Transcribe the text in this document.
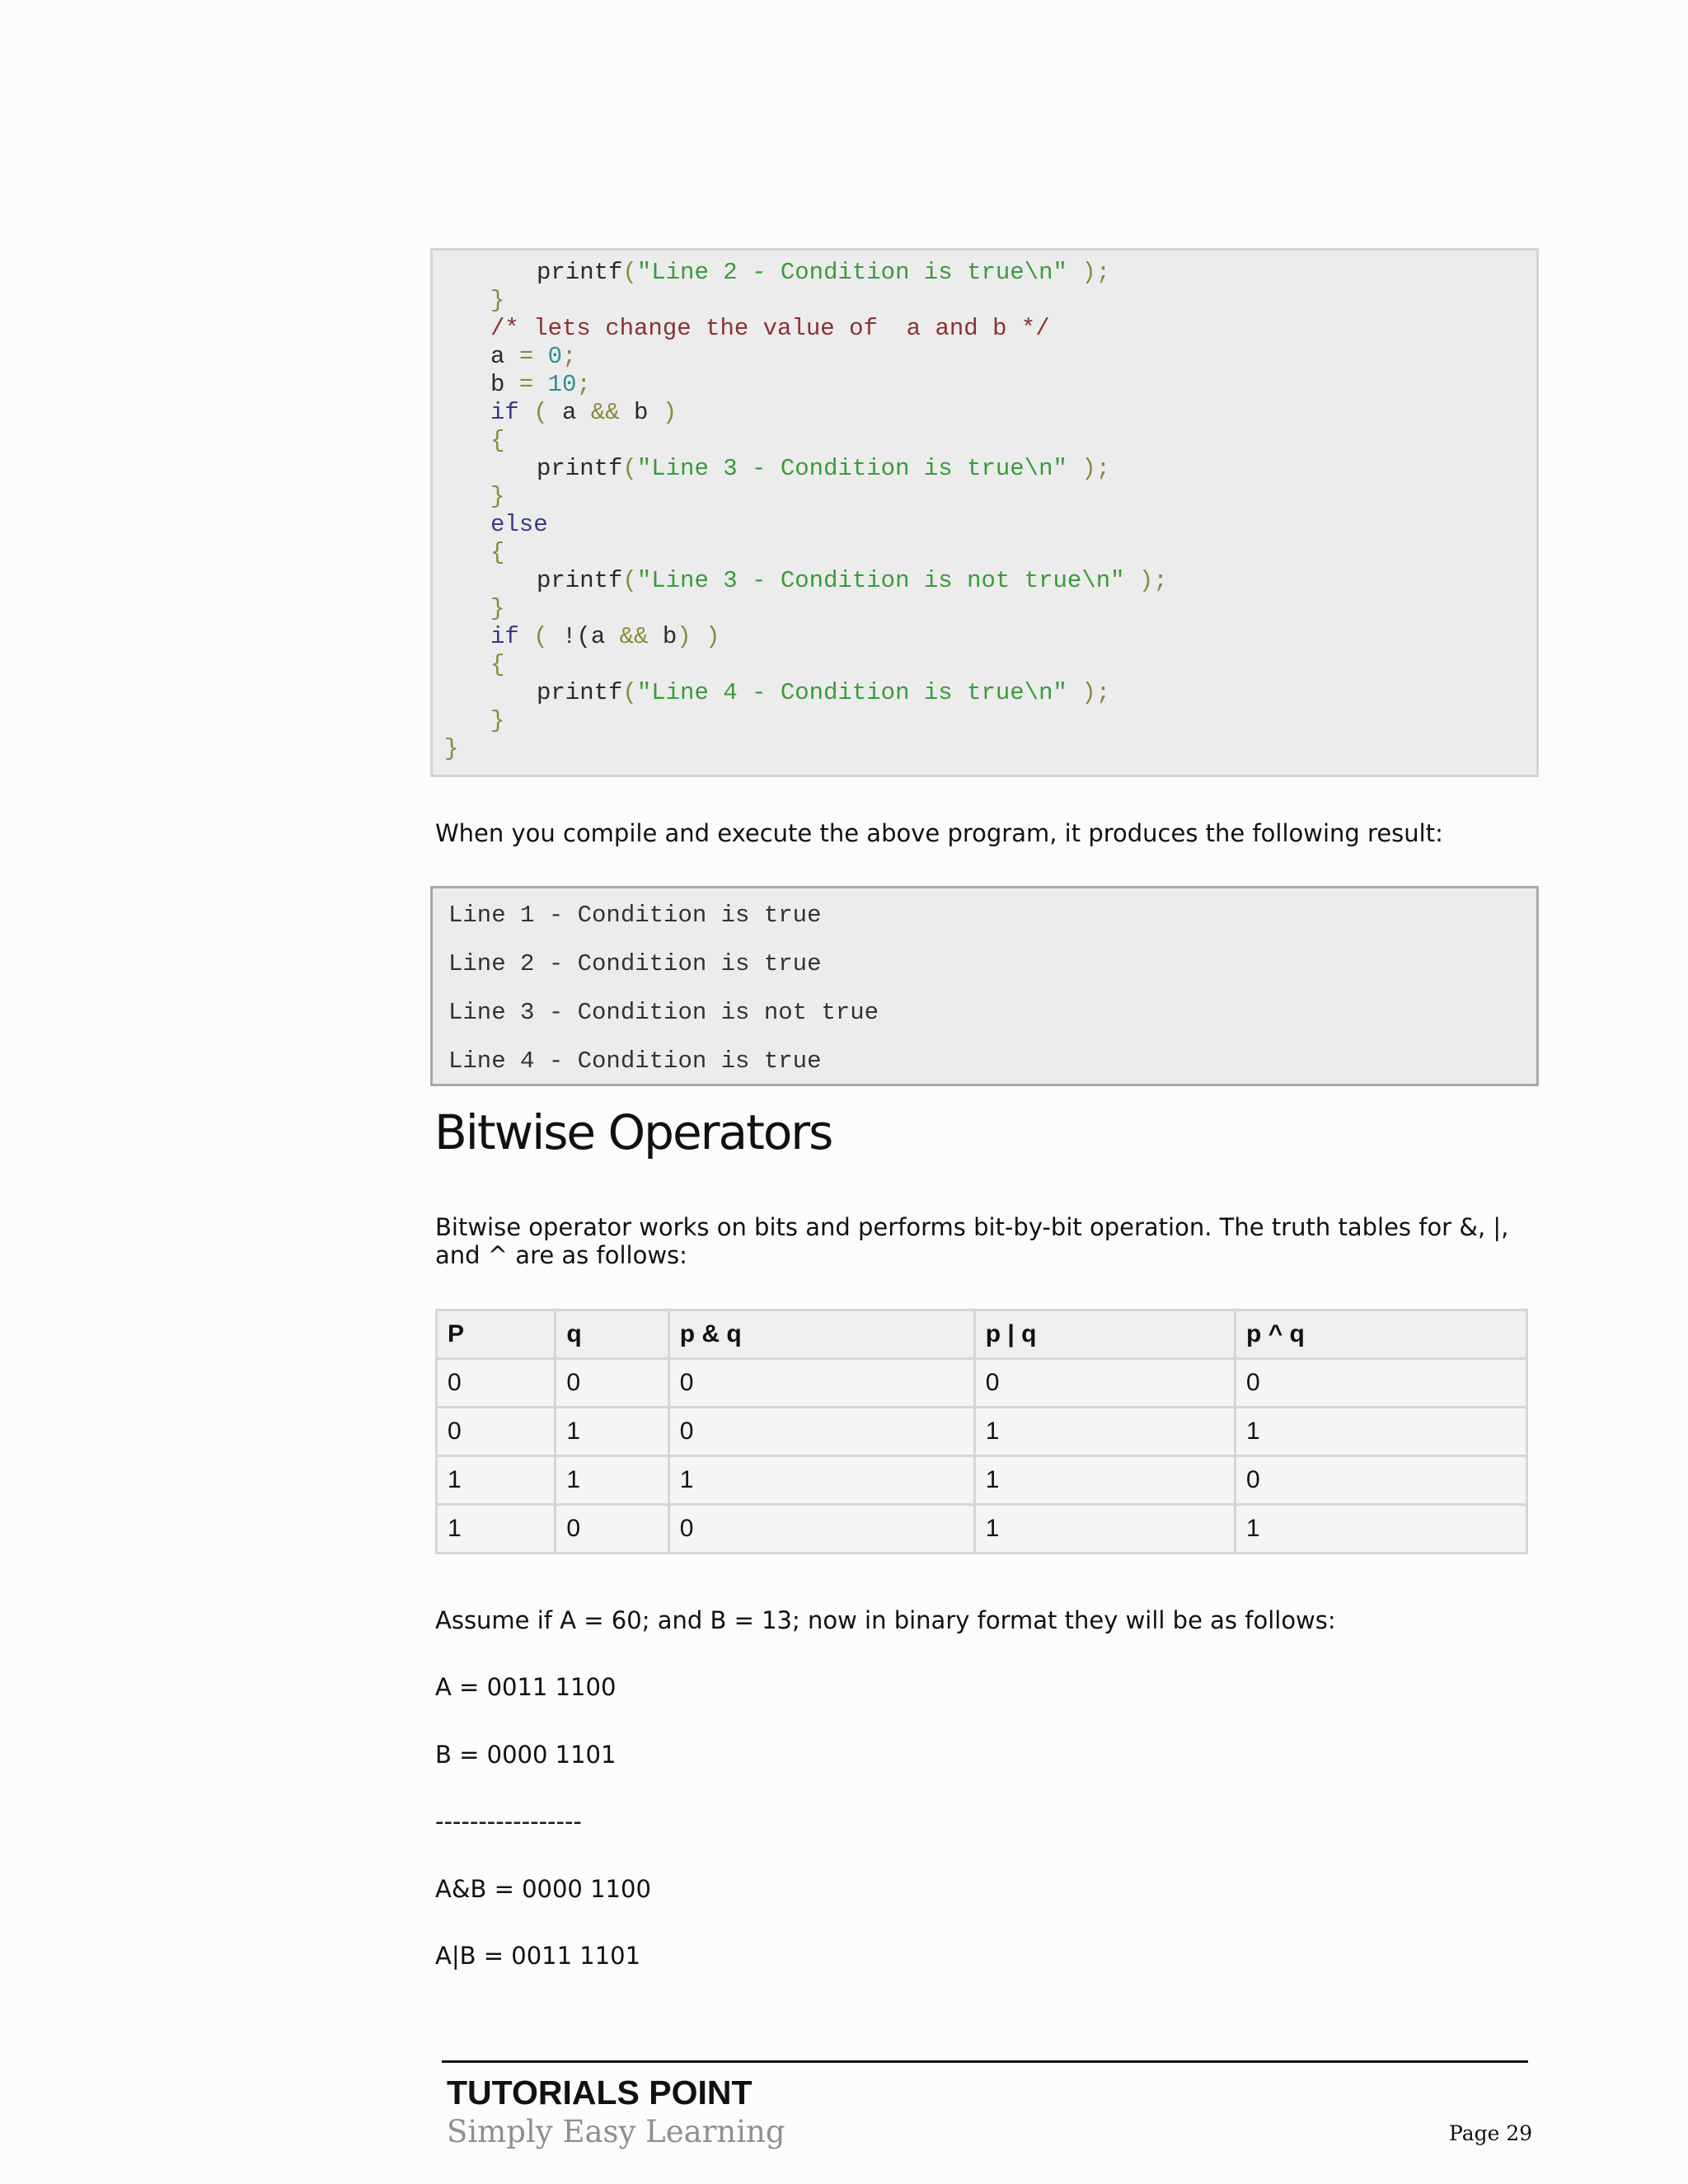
printf("Line 2 - Condition is true\n" );
}
/* lets change the value of  a and b */
a = 0;
b = 10;
if ( a && b )
{
printf("Line 3 - Condition is true\n" );
}
else
{
printf("Line 3 - Condition is not true\n" );
}
if ( !(a && b) )
{
printf("Line 4 - Condition is true\n" );
}
}
When you compile and execute the above program, it produces the following result:
Line 1 - Condition is true
Line 2 - Condition is true
Line 3 - Condition is not true
Line 4 - Condition is true
Bitwise Operators
Bitwise operator works on bits and performs bit-by-bit operation. The truth tables for &, |, and ^ are as follows:
P	q	p & q	p | q	p ^ q
0	0	0	0	0
0	1	0	1	1
1	1	1	1	0
1	0	0	1	1
Assume if A = 60; and B = 13; now in binary format they will be as follows:
A = 0011 1100
B = 0000 1101
-----------------
A&B = 0000 1100
A|B = 0011 1101
TUTORIALS POINT
Simply Easy Learning	Page 29
